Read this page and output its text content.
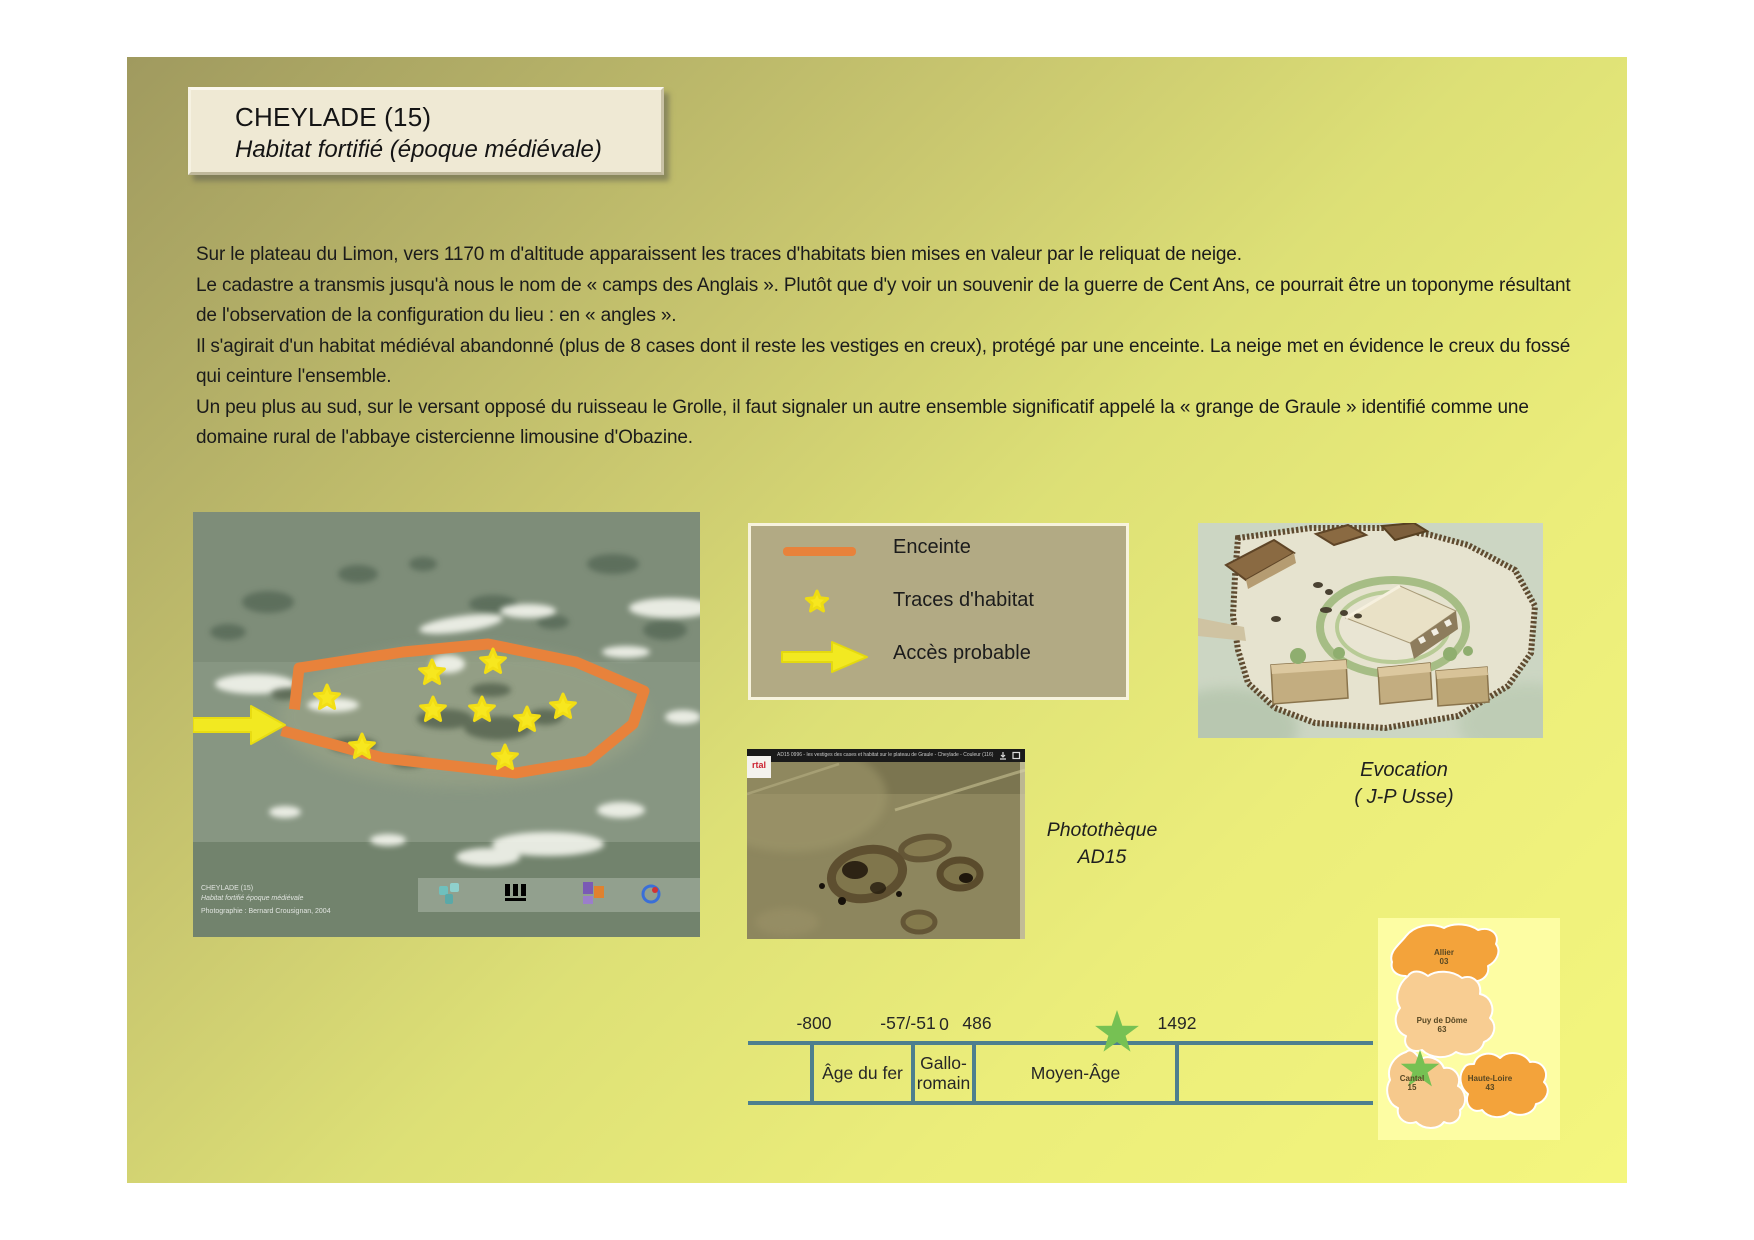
CHEYLADE (15)
Habitat fortifié (époque médiévale)

Sur le plateau du Limon, vers 1170 m d'altitude apparaissent les traces d'habitats bien mises en valeur par le reliquat de neige.

Le cadastre a transmis jusqu'à nous le nom de « camps des Anglais ». Plutôt que d'y voir un souvenir de la guerre de Cent Ans, ce pourrait être un toponyme résultant de l'observation de la configuration du lieu : en « angles ».

Il s'agirait d'un habitat médiéval abandonné (plus de 8 cases dont il reste les vestiges en creux), protégé par une enceinte. La neige met en évidence le creux du fossé qui ceinture l'ensemble.

Un peu plus au sud, sur le versant opposé du ruisseau le Grolle, il faut signaler un autre ensemble significatif appelé la « grange de Graule » identifié comme une domaine rural de l'abbaye cistercienne limousine d'Obazine.

CHEYLADE (15)
Habitat fortifié époque médiévale
Photographie : Bernard Crousignan, 2004
Enceinte
Traces d'habitat
Accès probable
Evocation
( J-P Usse)
AD15 0996 - les vestiges des cases et habitat sur le plateau de Graule - Cheylade - Couleur (116)
rtal
Photothèque
AD15
-800	-57/-51 0 486	1492
Âge du fer Gallo-romain	Moyen-Âge
Allier
03
Puy de Dôme
63
Cantal
15
Haute-Loire
43
